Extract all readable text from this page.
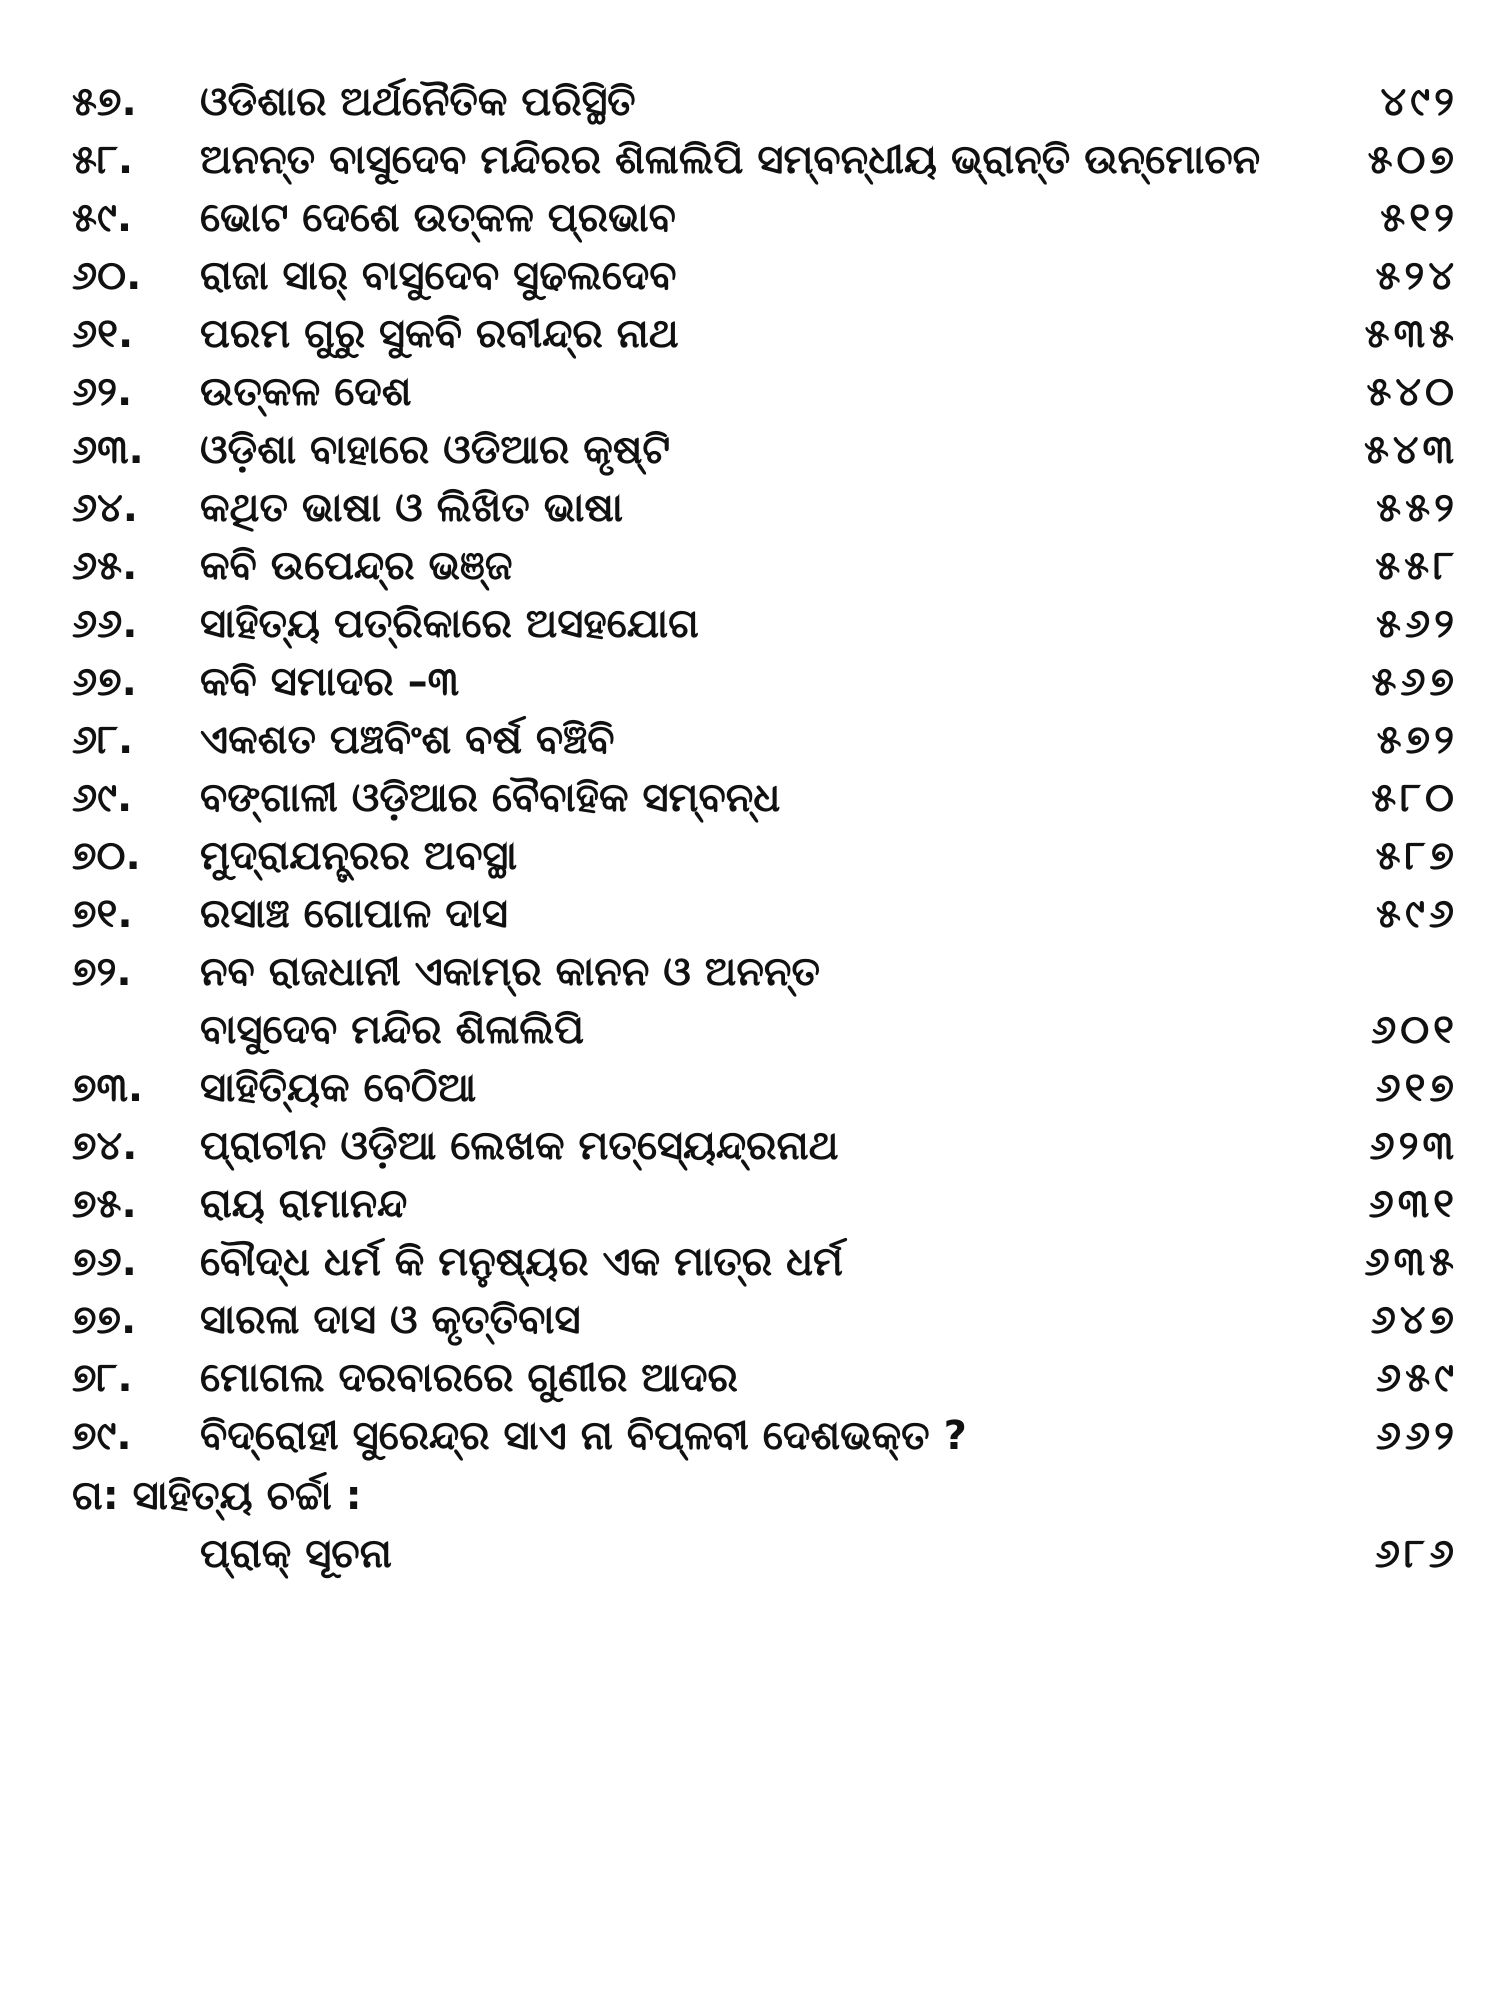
୫୭.	ଓଡିଶାର ଅର୍ଥନୈତିକ ପରିସ୍ଥିତି	୪୯୨
୫୮.	ଅନନ୍ତ ବାସୁଦେବ ମନ୍ଦିରର ଶିଳାଲିପି ସମ୍ବନ୍ଧୀୟ ଭ୍ରାନ୍ତି ଉନ୍ମୋଚନ	୫୦୭
୫୯.	ଭୋଟ ଦେଶେ ଉତ୍କଳ ପ୍ରଭାବ	୫୧୨
୬୦.	ରାଜା ସାର୍ ବାସୁଦେବ ସୁଢଲଦେବ	୫୨୪
୬୧.	ପରମ ଗୁରୁ ସୁକବି ରବୀନ୍ଦ୍ର ନାଥ	୫୩୫
୬୨.	ଉତ୍କଳ ଦେଶ	୫୪୦
୬୩.	ଓଡ଼ିଶା ବାହାରେ ଓଡିଆର କୃଷ୍ଟି	୫୪୩
୬୪.	କଥିତ ଭାଷା ଓ ଲିଖିତ ଭାଷା	୫୫୨
୬୫.	କବି ଉପେନ୍ଦ୍ର ଭଞ୍ଜ	୫୫୮
୬୬.	ସାହିତ୍ୟ ପତ୍ରିକାରେ ଅସହଯୋଗ	୫୬୨
୬୭.	କବି ସମାଦର –୩	୫୬୭
୬୮.	ଏକଶତ ପଞ୍ଚବିଂଶ ବର୍ଷ ବଞ୍ଚିବି	୫୭୨
୬୯.	ବଙ୍ଗାଳୀ ଓଡ଼ିଆର ବୈବାହିକ ସମ୍ବନ୍ଧ	୫୮୦
୭୦.	ମୁଦ୍ରାଯନ୍ତ୍ରର ଅବସ୍ଥା	୫୮୭
୭୧.	ରସାଞ୍ଚ ଗୋପାଳ ଦାସ	୫୯୬
୭୨.	ନବ ରାଜଧାନୀ ଏକାମ୍ର କାନନ ଓ ଅନନ୍ତ
ବାସୁଦେବ ମନ୍ଦିର ଶିଳାଲିପି	୬୦୧
୭୩.	ସାହିତ୍ୟିକ ବେଠିଆ	୬୧୭
୭୪.	ପ୍ରାଚୀନ ଓଡ଼ିଆ ଲେଖକ ମତ୍ସ୍ୟେନ୍ଦ୍ରନାଥ	୬୨୩
୭୫.	ରାୟ ରାମାନନ୍ଦ	୬୩୧
୭୬.	ବୌଦ୍ଧ ଧର୍ମ କି ମନୁଷ୍ୟର ଏକ ମାତ୍ର ଧର୍ମ	୬୩୫
୭୭.	ସାରଳା ଦାସ ଓ କୃତ୍ତିବାସ	୬୪୭
୭୮.	ମୋଗଲ ଦରବାରରେ ଗୁଣୀର ଆଦର	୬୫୯
୭୯.	ବିଦ୍ରୋହୀ ସୁରେନ୍ଦ୍ର ସାଏ ନା ବିପ୍ଳବୀ ଦେଶଭକ୍ତ ?	୬୬୨
ଗ: ସାହିତ୍ୟ ଚର୍ଚ୍ଚା :
ପ୍ରାକ୍ ସୂଚନା	୬୮୬
